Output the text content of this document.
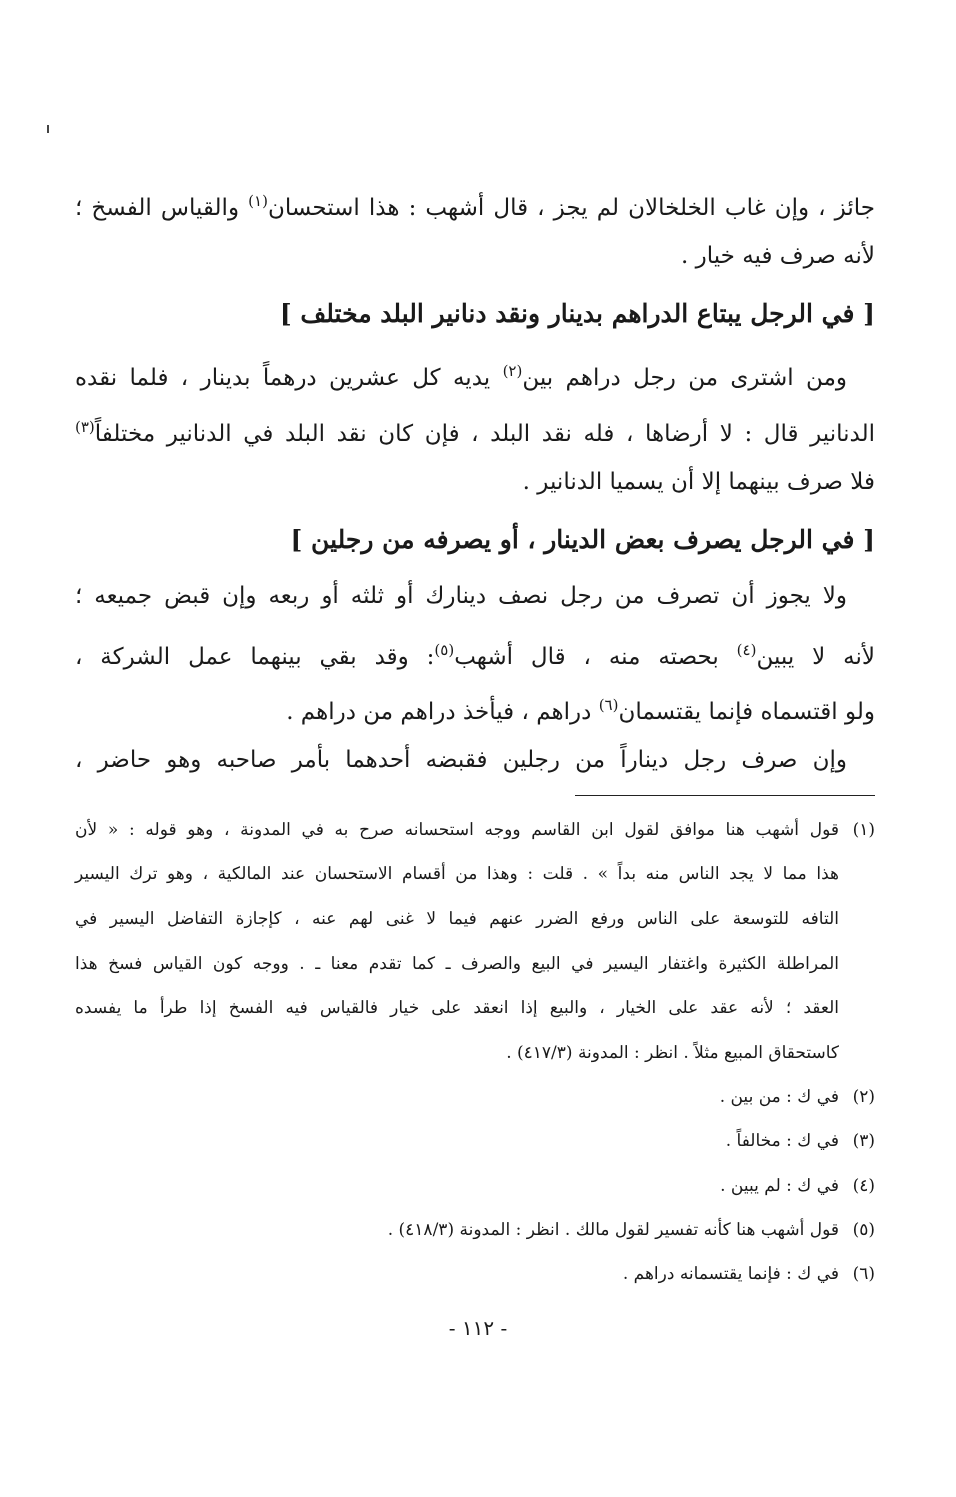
جائز ، وإن غاب الخلخالان لم يجز ، قال أشهب : هذا استحسان$^{(١)}$ والقياس الفسخ ؛
لأنه صرف فيه خيار .
[ في الرجل يبتاع الدراهم بدينار ونقد دنانير البلد مختلف ]
ومن اشترى من رجل دراهم بين$^{(٢)}$ يديه كل عشرين درهماً بدينار ، فلما نقده
الدنانير قال : لا أرضاها ، فله نقد البلد ، فإن كان نقد البلد في الدنانير مختلفاً$^{(٣)}$
فلا صرف بينهما إلا أن يسميا الدنانير .
[ في الرجل يصرف بعض الدينار ، أو يصرفه من رجلين ]
ولا يجوز أن تصرف من رجل نصف دينارك أو ثلثه أو ربعه وإن قبض جميعه ؛
لأنه لا يبين$^{(٤)}$ بحصته منه ، قال أشهب$^{(٥)}$: وقد بقي بينهما عمل الشركة ،
ولو اقتسماه فإنما يقتسمان$^{(٦)}$ دراهم ، فيأخذ دراهم من دراهم .
وإن صرف رجل ديناراً من رجلين فقبضه أحدهما بأمر صاحبه وهو حاضر ،
(١)قول أشهب هنا موافق لقول ابن القاسم ووجه استحسانه صرح به في المدونة ، وهو قوله : « لأن
هذا مما لا يجد الناس منه بداً » . قلت : وهذا من أقسام الاستحسان عند المالكية ، وهو ترك اليسير
التافه للتوسعة على الناس ورفع الضرر عنهم فيما لا غنى لهم عنه ، كإجازة التفاضل اليسير في
المراطلة الكثيرة واغتفار اليسير في البيع والصرف ـ كما تقدم معنا ـ . ووجه كون القياس فسخ هذا
العقد ؛ لأنه عقد على الخيار ، والبيع إذا انعقد على خيار فالقياس فيه الفسخ إذا طرأ ما يفسده
كاستحقاق المبيع مثلاً . انظر : المدونة (٤١٧/٣) .
(٢)في ك : من بين .
(٣)في ك : مخالفاً .
(٤)في ك : لم يبين .
(٥)قول أشهب هنا كأنه تفسير لقول مالك . انظر : المدونة (٤١٨/٣) .
(٦)في ك : فإنما يقتسمانه دراهم .
- ١١٢ -
